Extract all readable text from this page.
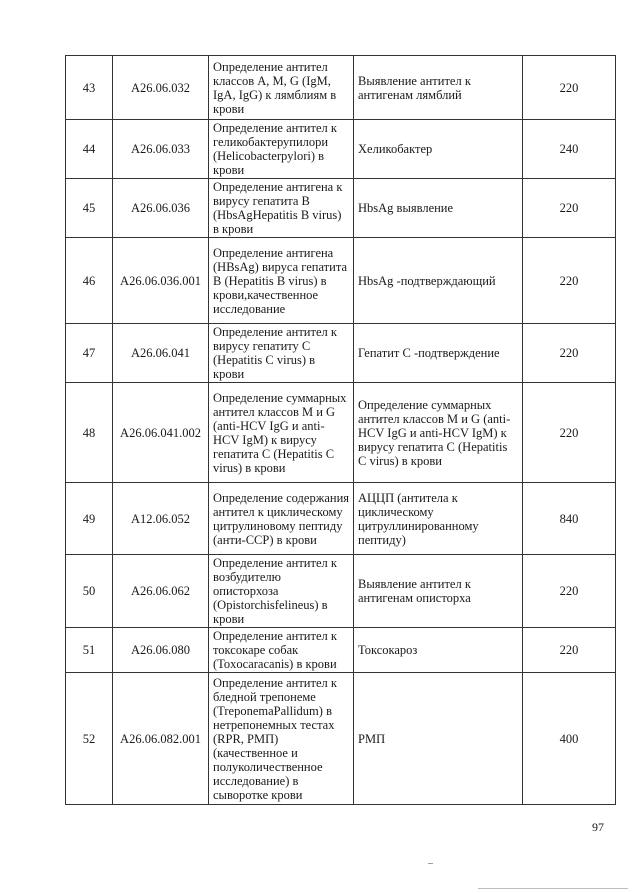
43	A26.06.032	Определение антител классов A, M, G (IgM, IgA, IgG) к лямблиям в крови	Выявление антител к антигенам лямблий	220
44	A26.06.033	Определение антител к геликобактерупилори (Helicobacterpylori) в крови	Хеликобактер	240
45	A26.06.036	Определение антигена к вирусу гепатита B (HbsAgHepatitis B virus) в крови	HbsAg выявление	220
46	A26.06.036.001	Определение антигена (HBsAg) вируса гепатита B (Hepatitis B virus) в крови,качественное исследование	HbsAg -подтверждающий	220
47	A26.06.041	Определение антител к вирусу гепатиту С (Hepatitis C virus) в крови	Гепатит С -подтверждение	220
48	A26.06.041.002	Определение суммарных антител классов М и G (anti-HCV IgG и anti-HCV IgM) к вирусу гепатита С (Hepatitis C virus) в крови	Определение суммарных антител классов М и G (anti-HCV IgG и anti-HCV IgM) к вирусу гепатита С (Hepatitis C virus) в крови	220
49	A12.06.052	Определение содержания антител к циклическому цитрулиновому пептиду (анти-ССР) в крови	АЦЦП (антитела к циклическому цитруллинированному пептиду)	840
50	A26.06.062	Определение антител к возбудителю описторхоза (Opistorchisfelineus) в крови	Выявление антител к антигенам описторха	220
51	A26.06.080	Определение антител к токсокаре собак (Toxocaracanis) в крови	Токсокароз	220
52	A26.06.082.001	Определение антител к бледной трепонеме (TreponemaPallidum) в нетрепонемных тестах (RPR, РМП) (качественное и полуколичественное исследование) в сыворотке крови	РМП	400
97
